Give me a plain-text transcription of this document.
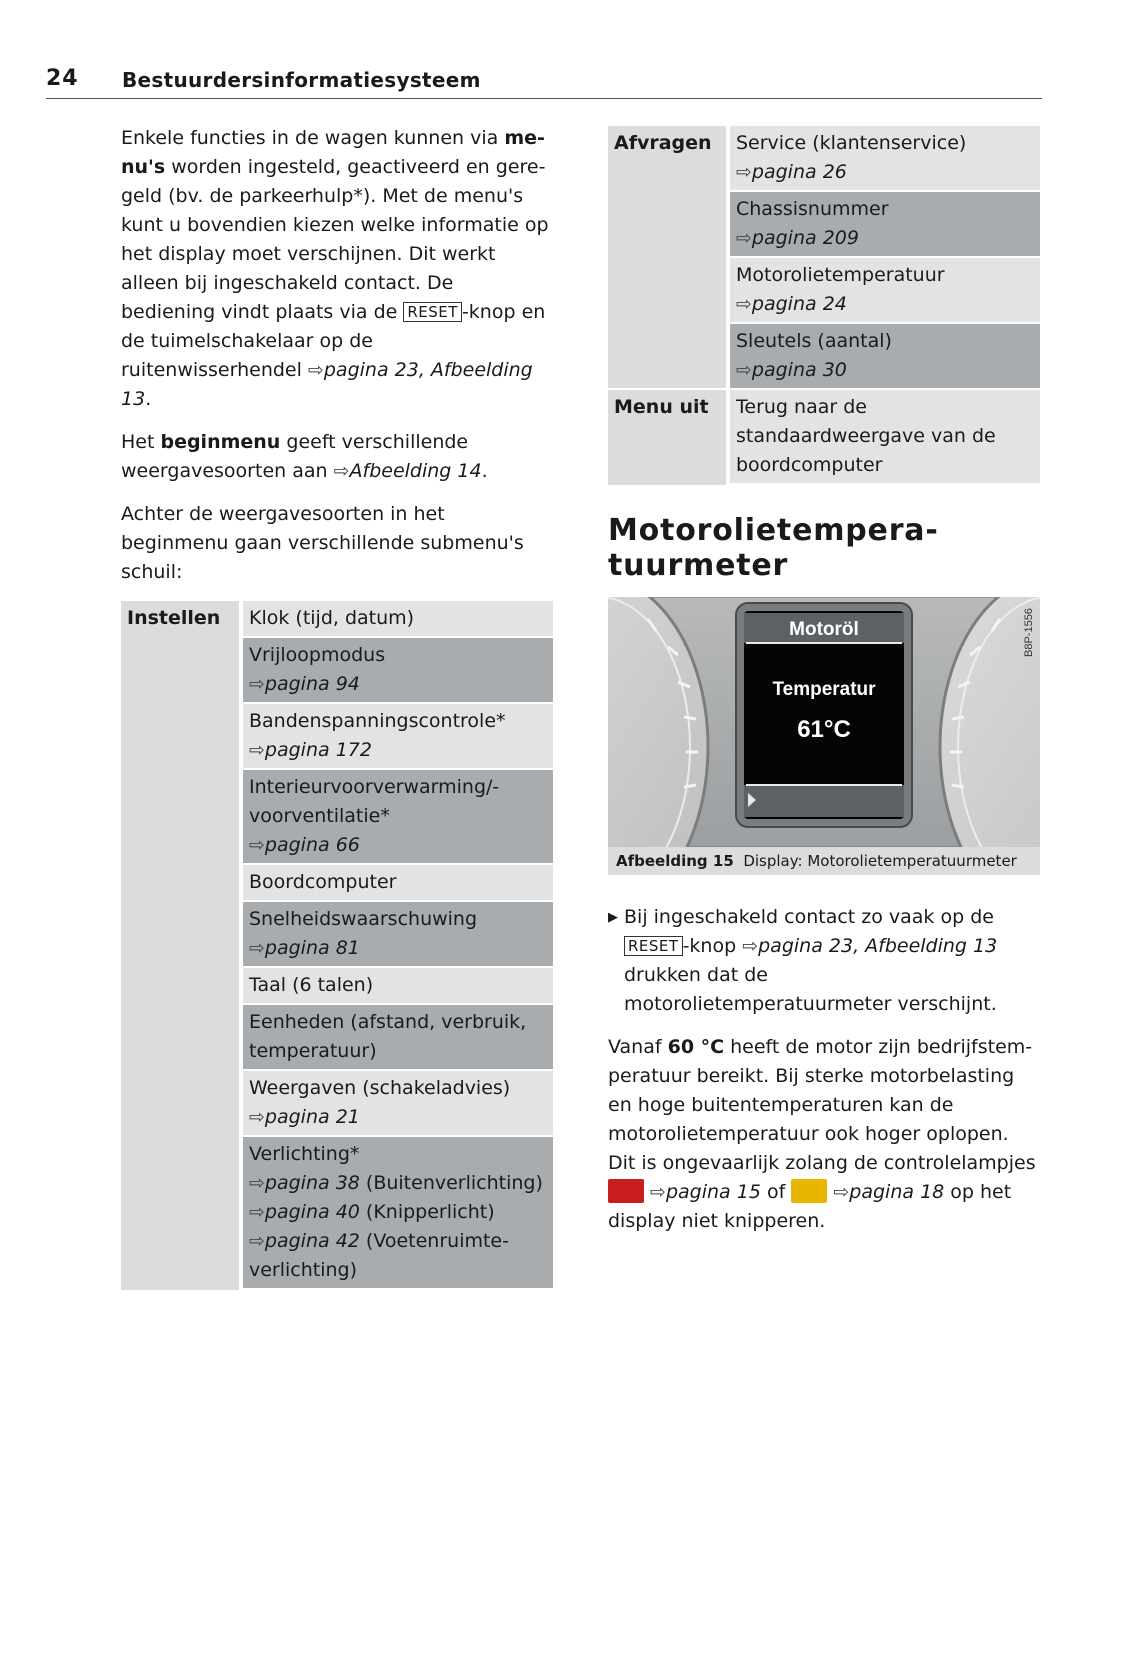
24 Bestuurdersinformatiesysteem

Enkele functies in de wagen kunnen via menu's worden ingesteld, geactiveerd en geregeld (bv. de parkeerhulp*). Met de menu's kunt u bovendien kiezen welke informatie op het display moet verschijnen. Dit werkt alleen bij ingeschakeld contact. De bediening vindt plaats via de RESET -knop en de tuimelschakelaar op de ruitenwisserhendel ⇨pagina 23, Afbeelding 13.

Het beginmenu geeft verschillende weergavesoorten aan ⇨Afbeelding 14.

Achter de weergavesoorten in het beginmenu gaan verschillende submenu's schuil:

Instellen	Klok (tijd, datum)
Vrijloopmodus
⇨pagina 94
Bandenspanningscontrole*
⇨pagina 172
Interieurvoorverwarming/-voorventilatie*
⇨pagina 66
Boordcomputer
Snelheidswaarschuwing
⇨pagina 81
Taal (6 talen)
Eenheden (afstand, verbruik, temperatuur)
Weergaven (schakeladvies)
⇨pagina 21
Verlichting*
⇨pagina 38 (Buitenverlichting)
⇨pagina 40 (Knipperlicht)
⇨pagina 42 (Voetenruimteverlichting)
Afvragen	Service (klantenservice)
⇨pagina 26
	Chassisnummer
⇨pagina 209
	Motorolietemperatuur
⇨pagina 24
	Sleutels (aantal)
⇨pagina 30
Menu uit	Terug naar de standaardweergave van de boordcomputer
Motorolietemperatuurmeter
Motoröl
Temperatur
61°C
B8P-1556
Afbeelding 15 Display: Motorolietemperatuurmeter
▶ Bij ingeschakeld contact zo vaak op de RESET -knop ⇨pagina 23, Afbeelding 13 drukken dat de motorolietemperatuurmeter verschijnt.

Vanaf 60 °C heeft de motor zijn bedrijfstemperatuur bereikt. Bij sterke motorbelasting en hoge buitentemperaturen kan de motorolietemperatuur ook hoger oplopen. Dit is ongevaarlijk zolang de controlelampjes  ⇨pagina 15 of  ⇨pagina 18 op het display niet knipperen.
